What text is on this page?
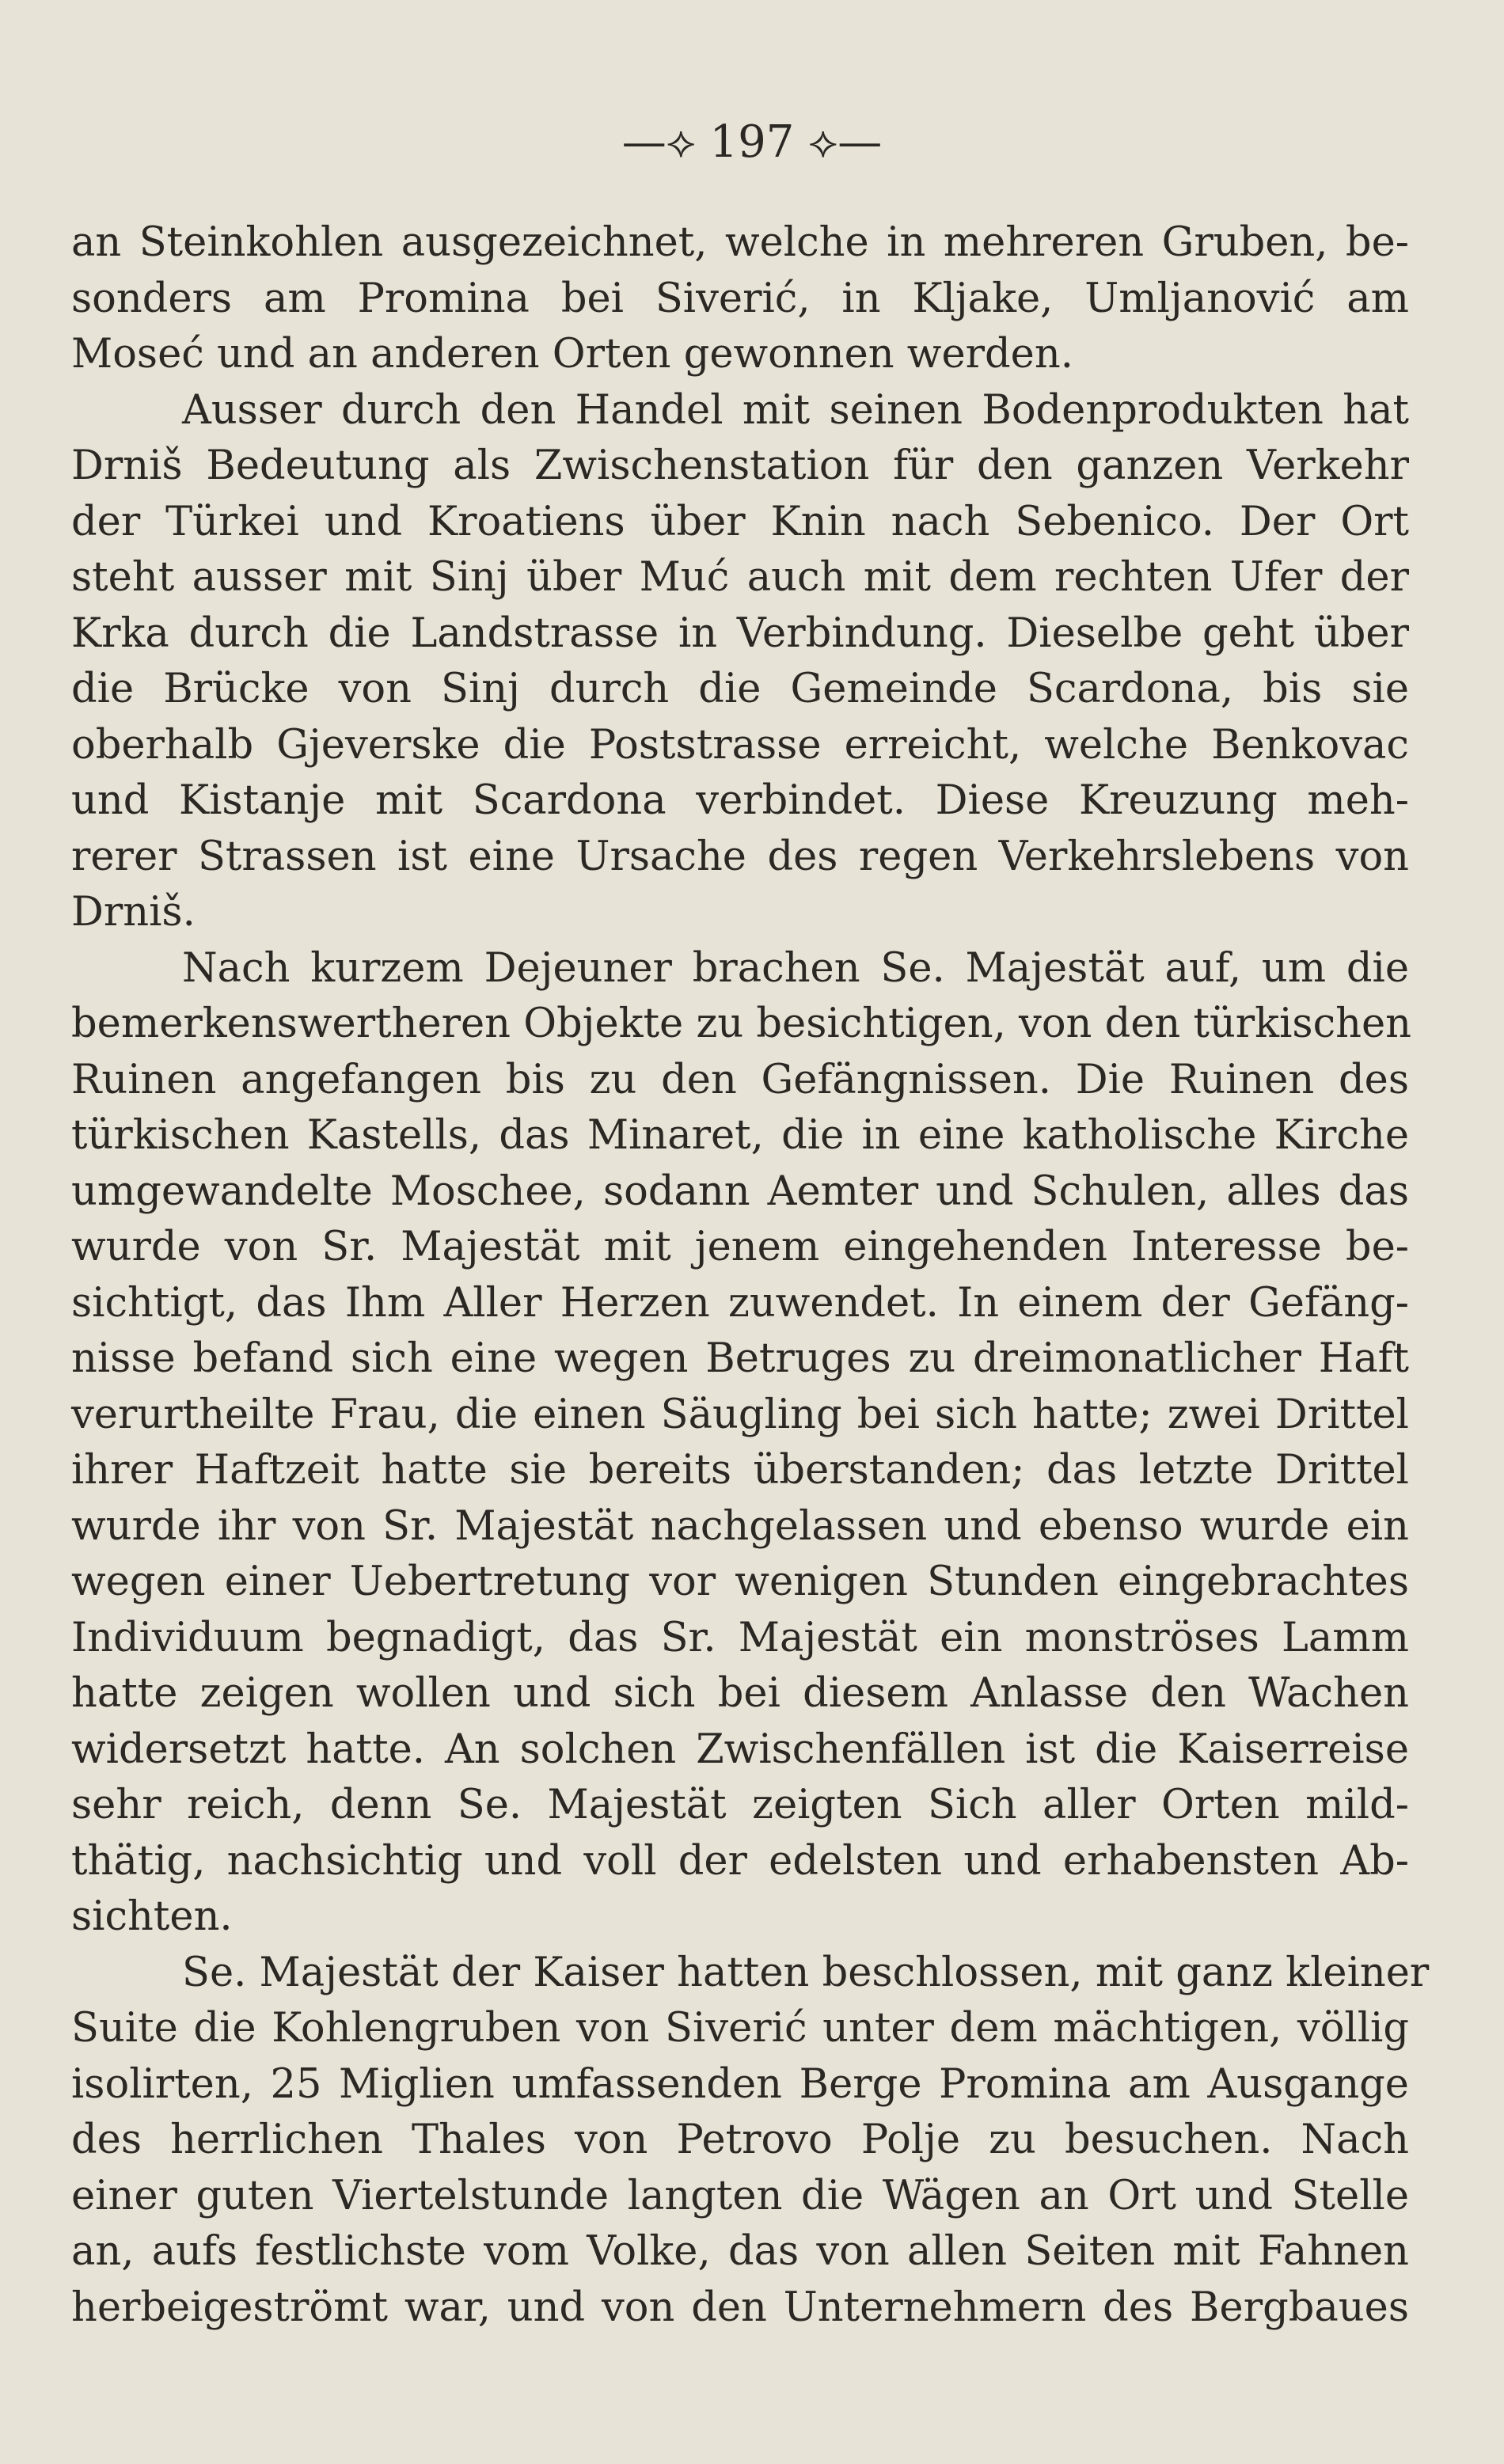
—⟡ 197 ⟡—
an Steinkohlen ausgezeichnet, welche in mehreren Gruben, be-
sonders am Promina bei Siverić, in Kljake, Umljanović am
Moseć und an anderen Orten gewonnen werden.
Ausser durch den Handel mit seinen Bodenprodukten hat
Drniš Bedeutung als Zwischenstation für den ganzen Verkehr
der Türkei und Kroatiens über Knin nach Sebenico. Der Ort
steht ausser mit Sinj über Muć auch mit dem rechten Ufer der
Krka durch die Landstrasse in Verbindung. Dieselbe geht über
die Brücke von Sinj durch die Gemeinde Scardona, bis sie
oberhalb Gjeverske die Poststrasse erreicht, welche Benkovac
und Kistanje mit Scardona verbindet. Diese Kreuzung meh-
rerer Strassen ist eine Ursache des regen Verkehrslebens von
Drniš.
Nach kurzem Dejeuner brachen Se. Majestät auf, um die
bemerkenswertheren Objekte zu besichtigen, von den türkischen
Ruinen angefangen bis zu den Gefängnissen. Die Ruinen des
türkischen Kastells, das Minaret, die in eine katholische Kirche
umgewandelte Moschee, sodann Aemter und Schulen, alles das
wurde von Sr. Majestät mit jenem eingehenden Interesse be-
sichtigt, das Ihm Aller Herzen zuwendet. In einem der Gefäng-
nisse befand sich eine wegen Betruges zu dreimonatlicher Haft
verurtheilte Frau, die einen Säugling bei sich hatte; zwei Drittel
ihrer Haftzeit hatte sie bereits überstanden; das letzte Drittel
wurde ihr von Sr. Majestät nachgelassen und ebenso wurde ein
wegen einer Uebertretung vor wenigen Stunden eingebrachtes
Individuum begnadigt, das Sr. Majestät ein monströses Lamm
hatte zeigen wollen und sich bei diesem Anlasse den Wachen
widersetzt hatte. An solchen Zwischenfällen ist die Kaiserreise
sehr reich, denn Se. Majestät zeigten Sich aller Orten mild-
thätig, nachsichtig und voll der edelsten und erhabensten Ab-
sichten.
Se. Majestät der Kaiser hatten beschlossen, mit ganz kleiner
Suite die Kohlengruben von Siverić unter dem mächtigen, völlig
isolirten, 25 Miglien umfassenden Berge Promina am Ausgange
des herrlichen Thales von Petrovo Polje zu besuchen. Nach
einer guten Viertelstunde langten die Wägen an Ort und Stelle
an, aufs festlichste vom Volke, das von allen Seiten mit Fahnen
herbeigeströmt war, und von den Unternehmern des Bergbaues
